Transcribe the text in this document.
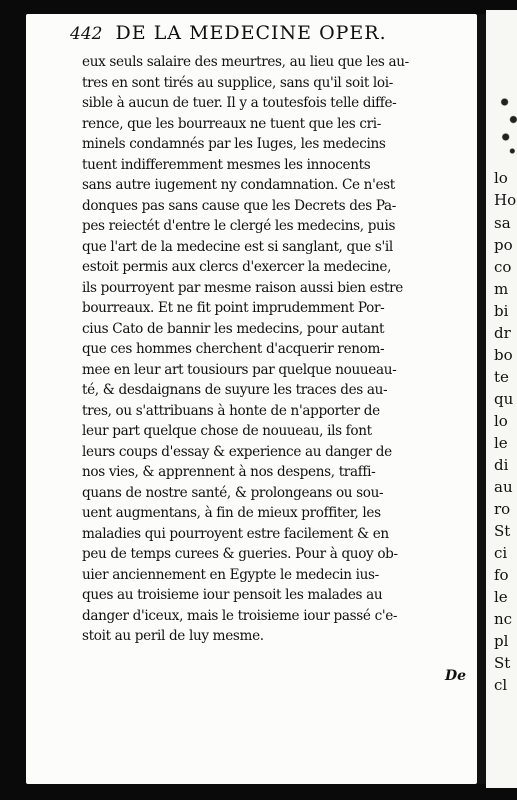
442 DE LA MEDECINE OPER.
eux seuls salaire des meurtres, au lieu que les au-
tres en sont tirés au supplice, sans qu'il soit loi-
sible à aucun de tuer. Il y a toutesfois telle diffe-
rence, que les bourreaux ne tuent que les cri-
minels condamnés par les Iuges, les medecins
tuent indifferemment mesmes les innocents
sans autre iugement ny condamnation. Ce n'est
donques pas sans cause que les Decrets des Pa-
pes reiectét d'entre le clergé les medecins, puis
que l'art de la medecine est si sanglant, que s'il
estoit permis aux clercs d'exercer la medecine,
ils pourroyent par mesme raison aussi bien estre
bourreaux. Et ne fit point imprudemment Por-
cius Cato de bannir les medecins, pour autant
que ces hommes cherchent d'acquerir renom-
mee en leur art tousiours par quelque nouueau-
té, & desdaignans de suyure les traces des au-
tres, ou s'attribuans à honte de n'apporter de
leur part quelque chose de nouueau, ils font
leurs coups d'essay & experience au danger de
nos vies, & apprennent à nos despens, traffi-
quans de nostre santé, & prolongeans ou sou-
uent augmentans, à fin de mieux proffiter, les
maladies qui pourroyent estre facilement & en
peu de temps curees & gueries. Pour à quoy ob-
uier anciennement en Egypte le medecin ius-
ques au troisieme iour pensoit les malades au
danger d'iceux, mais le troisieme iour passé c'e-
stoit au peril de luy mesme.
De
lo
Ho
sa
po
co
m
bi
dr
bo
te
qu
lo
le
di
au
ro
St
ci
fo
le
nc
pl
St
cl
